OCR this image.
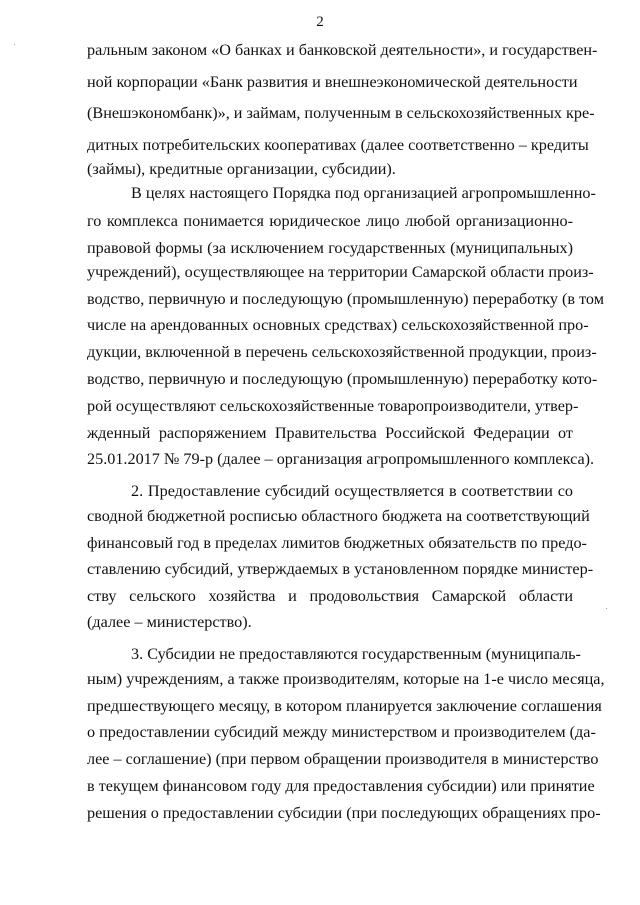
2
ральным законом «О банках и банковской деятельности», и государствен-
ной корпорации «Банк развития и внешнеэкономической деятельности
(Внешэкономбанк)», и займам, полученным в сельскохозяйственных кре-
дитных потребительских кооперативах (далее соответственно – кредиты
(займы), кредитные организации, субсидии).
В целях настоящего Порядка под организацией агропромышленно-
го комплекса понимается юридическое лицо любой организационно-
правовой формы (за исключением государственных (муниципальных)
учреждений), осуществляющее на территории Самарской области произ-
водство, первичную и последующую (промышленную) переработку (в том
числе на арендованных основных средствах) сельскохозяйственной про-
дукции, включенной в перечень сельскохозяйственной продукции, произ-
водство, первичную и последующую (промышленную) переработку кото-
рой осуществляют сельскохозяйственные товаропроизводители, утвер-
жденный распоряжением Правительства Российской Федерации от
25.01.2017 № 79-р (далее – организация агропромышленного комплекса).
2. Предоставление субсидий осуществляется в соответствии со
сводной бюджетной росписью областного бюджета на соответствующий
финансовый год в пределах лимитов бюджетных обязательств по предо-
ставлению субсидий, утверждаемых в установленном порядке министер-
ству сельского хозяйства и продовольствия Самарской области
(далее – министерство).
3. Субсидии не предоставляются государственным (муниципаль-
ным) учреждениям, а также производителям, которые на 1-е число месяца,
предшествующего месяцу, в котором планируется заключение соглашения
о предоставлении субсидий между министерством и производителем (да-
лее – соглашение) (при первом обращении производителя в министерство
в текущем финансовом году для предоставления субсидии) или принятие
решения о предоставлении субсидии (при последующих обращениях про-
